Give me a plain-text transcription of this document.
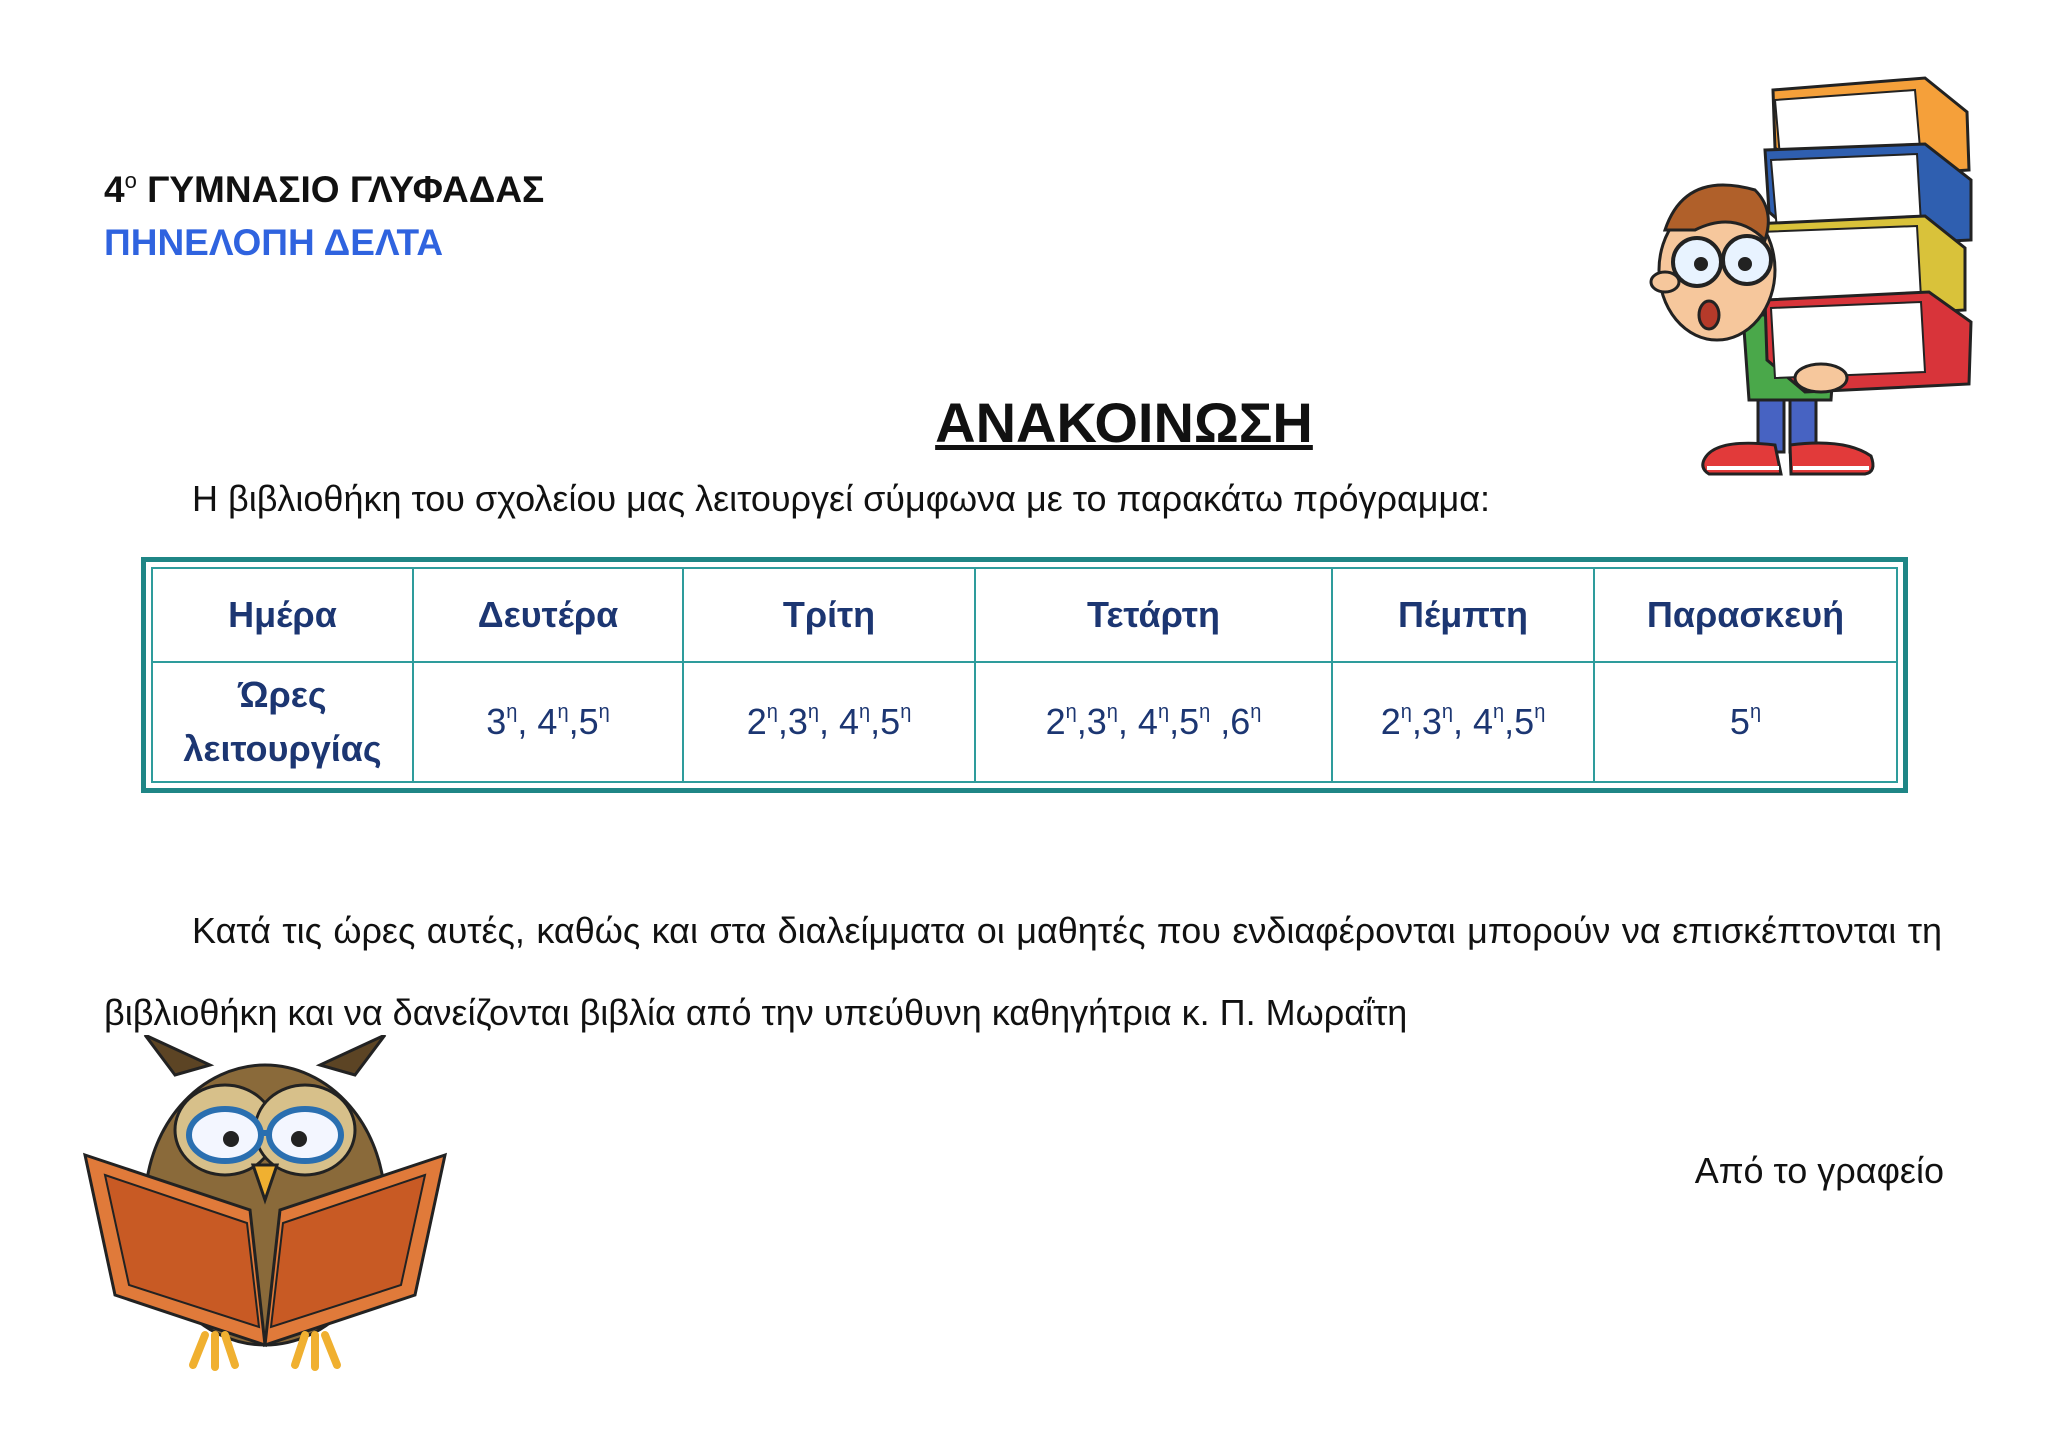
$4^o$ ΓΥΜΝΑΣΙΟ ΓΛΥΦΑΔΑΣ
ΠΗΝΕΛΟΠΗ ΔΕΛΤΑ
ΑΝΑΚΟΙΝΩΣΗ
Η βιβλιοθήκη του σχολείου μας λειτουργεί σύμφωνα με το παρακάτω πρόγραμμα:
Ημέρα	Δευτέρα	Τρίτη	Τετάρτη	Πέμπτη	Παρασκευή
Ώρες
λειτουργίας	$3^\eta$, $4^\eta,5^\eta$	$2^\eta,3^\eta$, $4^\eta,5^\eta$	$2^\eta,3^\eta$, $4^\eta,5^\eta$ $,6^\eta$	$2^\eta,3^\eta$, $4^\eta,5^\eta$	$5^\eta$
Κατά τις ώρες αυτές, καθώς και στα διαλείμματα οι μαθητές που ενδιαφέρονται μπορούν να επισκέπτονται τη βιβλιοθήκη και να δανείζονται βιβλία από την υπεύθυνη καθηγήτρια κ. Π. Μωραΐτη
Από το γραφείο
